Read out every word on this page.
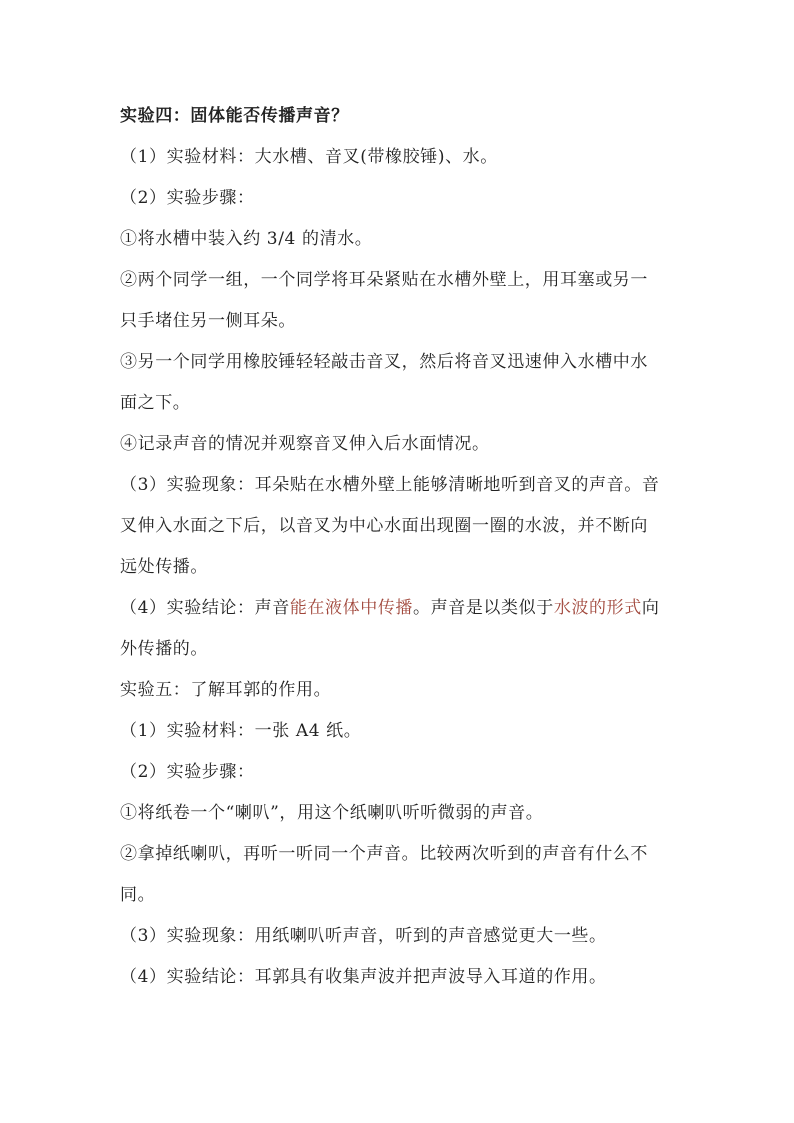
实验四：固体能否传播声音？
（1）实验材料：大水槽、音叉(带橡胶锤)、水。
（2）实验步骤：
①将水槽中装入约 3/4 的清水。
②两个同学一组，一个同学将耳朵紧贴在水槽外壁上，用耳塞或另一
只手堵住另一侧耳朵。
③另一个同学用橡胶锤轻轻敲击音叉，然后将音叉迅速伸入水槽中水
面之下。
④记录声音的情况并观察音叉伸入后水面情况。
（3）实验现象：耳朵贴在水槽外壁上能够清晰地听到音叉的声音。音
叉伸入水面之下后，以音叉为中心水面出现圈一圈的水波，并不断向
远处传播。
（4）实验结论：声音能在液体中传播。声音是以类似于水波的形式向
外传播的。
实验五：了解耳郭的作用。
（1）实验材料：一张 A4 纸。
（2）实验步骤：
①将纸卷一个“喇叭”，用这个纸喇叭听听微弱的声音。
②拿掉纸喇叭，再听一听同一个声音。比较两次听到的声音有什么不
同。
（3）实验现象：用纸喇叭听声音，听到的声音感觉更大一些。
（4）实验结论：耳郭具有收集声波并把声波导入耳道的作用。
